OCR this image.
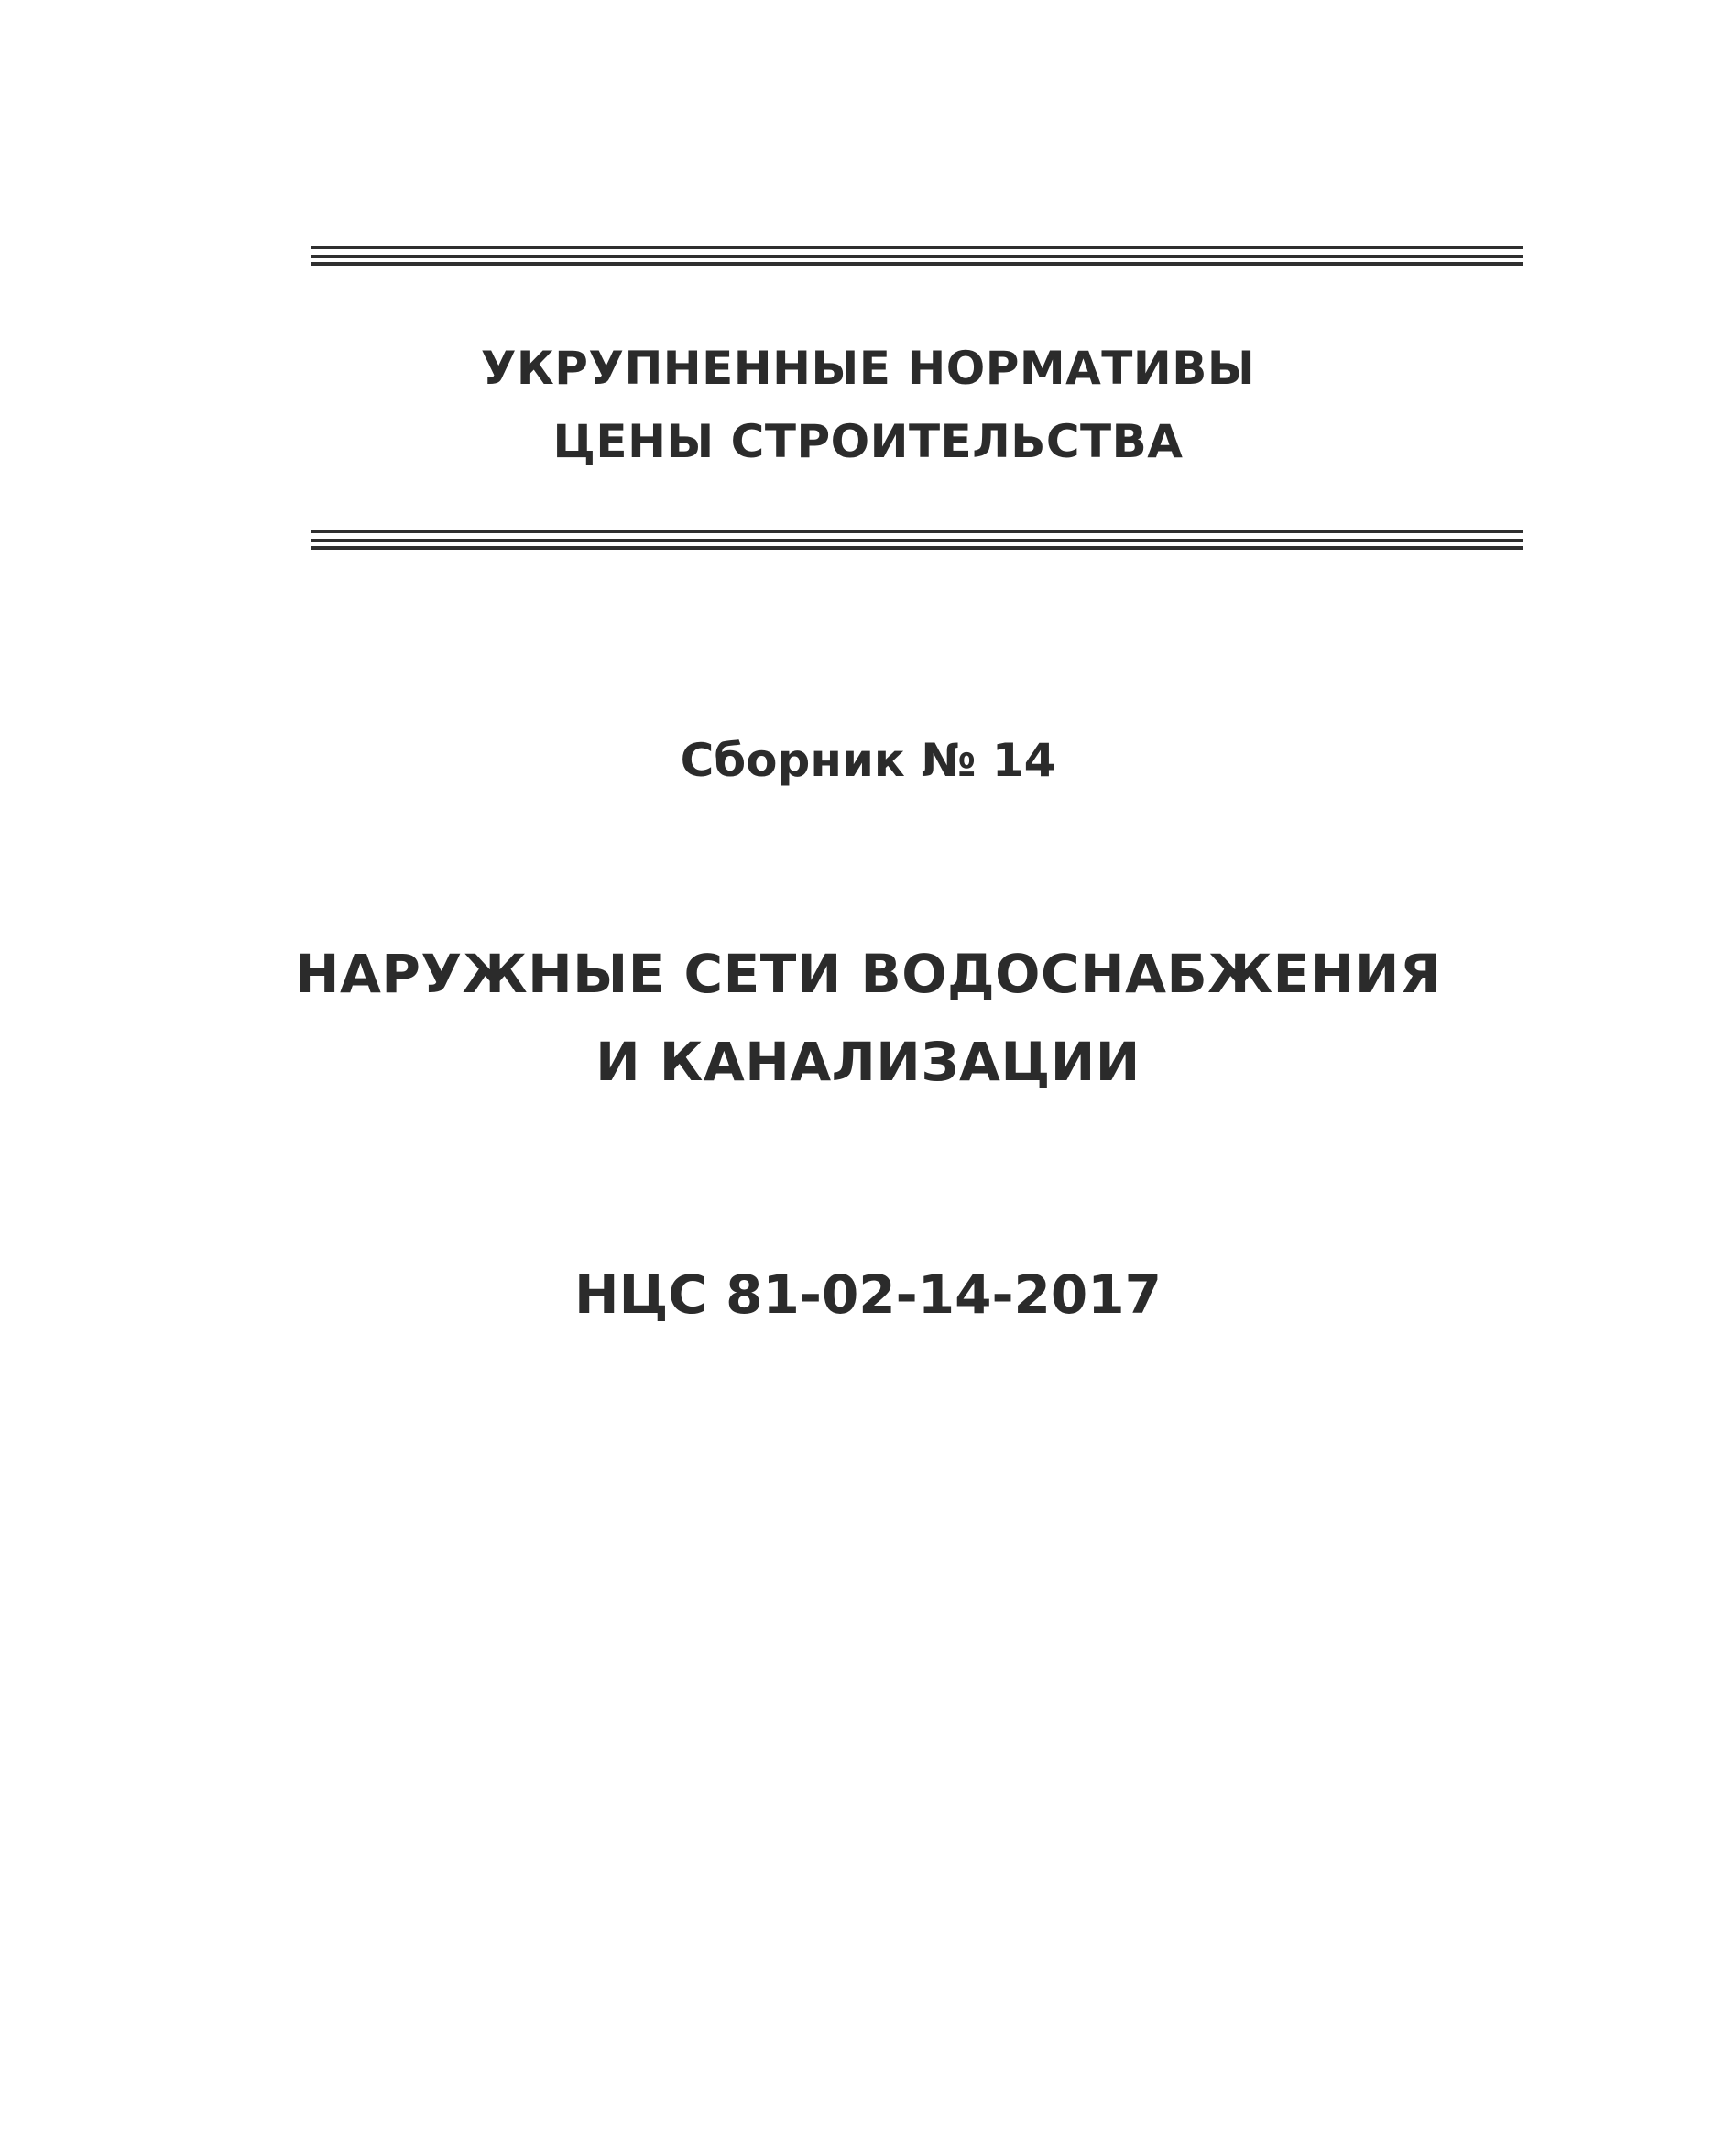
УКРУПНЕННЫЕ НОРМАТИВЫ
ЦЕНЫ СТРОИТЕЛЬСТВА
Сборник № 14
НАРУЖНЫЕ СЕТИ ВОДОСНАБЖЕНИЯ
И КАНАЛИЗАЦИИ
НЦС 81-02-14-2017
